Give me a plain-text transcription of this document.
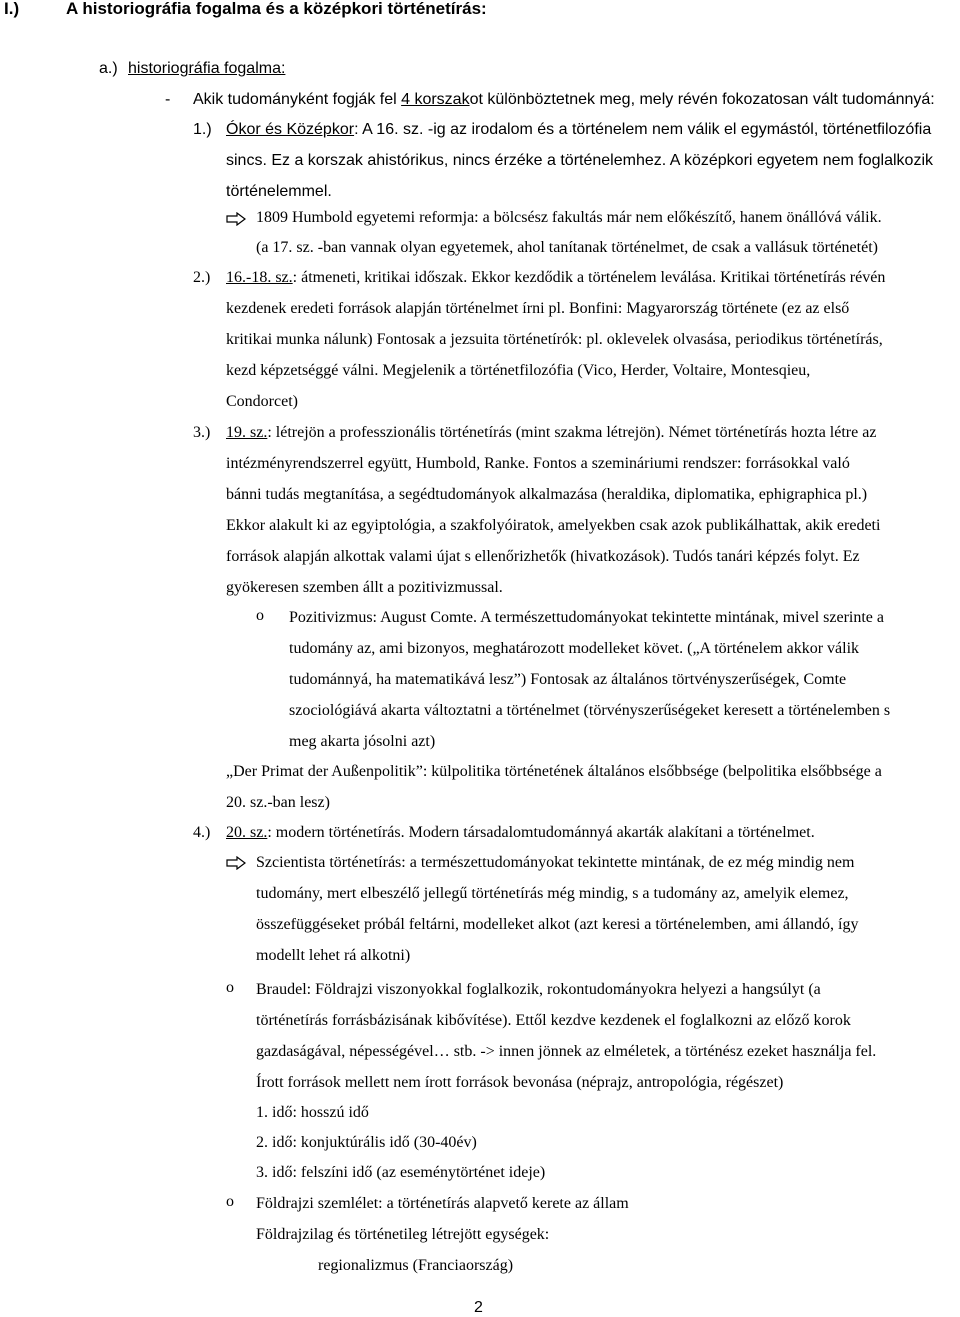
I.)	A historiográfia fogalma és a középkori történetírás:
a.) historiográfia fogalma:
- Akik tudományként fogják fel 4 korszakot különböztetnek meg, mely révén fokozatosan vált tudománnyá:
1.) Ókor és Középkor: A 16. sz. -ig az irodalom és a történelem nem válik el egymástól, történetfilozófia
sincs. Ez a korszak ahistórikus, nincs érzéke a történelemhez. A középkori egyetem nem foglalkozik
történelemmel.
1809 Humbold egyetemi reformja: a bölcsész fakultás már nem előkészítő, hanem önállóvá válik.
(a 17. sz. -ban vannak olyan egyetemek, ahol tanítanak történelmet, de csak a vallásuk történetét)
2.) 16.-18. sz.: átmeneti, kritikai időszak. Ekkor kezdődik a történelem leválása. Kritikai történetírás révén
kezdenek eredeti források alapján történelmet írni pl. Bonfini: Magyarország története (ez az első
kritikai munka nálunk) Fontosak a jezsuita történetírók: pl. oklevelek olvasása, periodikus történetírás,
kezd képzetséggé válni. Megjelenik a történetfilozófia (Vico, Herder, Voltaire, Montesqieu,
Condorcet)
3.) 19. sz.: létrejön a professzionális történetírás (mint szakma létrejön). Német történetírás hozta létre az
intézményrendszerrel együtt, Humbold, Ranke. Fontos a szemináriumi rendszer: forrásokkal való
bánni tudás megtanítása, a segédtudományok alkalmazása (heraldika, diplomatika, ephigraphica pl.)
Ekkor alakult ki az egyiptológia, a szakfolyóiratok, amelyekben csak azok publikálhattak, akik eredeti
források alapján alkottak valami újat s ellenőrizhetők (hivatkozások). Tudós tanári képzés folyt. Ez
gyökeresen szemben állt a pozitivizmussal.
o Pozitivizmus: August Comte. A természettudományokat tekintette mintának, mivel szerinte a
tudomány az, ami bizonyos, meghatározott modelleket követ. („A történelem akkor válik
tudománnyá, ha matematikává lesz”) Fontosak az általános törtvényszerűségek, Comte
szociológiává akarta változtatni a történelmet (törvényszerűségeket keresett a történelemben s
meg akarta jósolni azt)
„Der Primat der Außenpolitik”: külpolitika történetének általános elsőbbsége (belpolitika elsőbbsége a
20. sz.-ban lesz)
4.) 20. sz.: modern történetírás. Modern társadalomtudománnyá akarták alakítani a történelmet.
Szcientista történetírás: a természettudományokat tekintette mintának, de ez még mindig nem
tudomány, mert elbeszélő jellegű történetírás még mindig, s a tudomány az, amelyik elemez,
összefüggéseket próbál feltárni, modelleket alkot (azt keresi a történelemben, ami állandó, így
modellt lehet rá alkotni)
o Braudel: Földrajzi viszonyokkal foglalkozik, rokontudományokra helyezi a hangsúlyt (a
történetírás forrásbázisának kibővítése). Ettől kezdve kezdenek el foglalkozni az előző korok
gazdaságával, népességével… stb. -> innen jönnek az elméletek, a történész ezeket használja fel.
Írott források mellett nem írott források bevonása (néprajz, antropológia, régészet)
1. idő: hosszú idő
2. idő: konjuktúrális idő (30-40év)
3. idő: felszíni idő (az eseménytörténet ideje)
o Földrajzi szemlélet: a történetírás alapvető kerete az állam
Földrajzilag és történetileg létrejött egységek:
regionalizmus (Franciaország)
2
